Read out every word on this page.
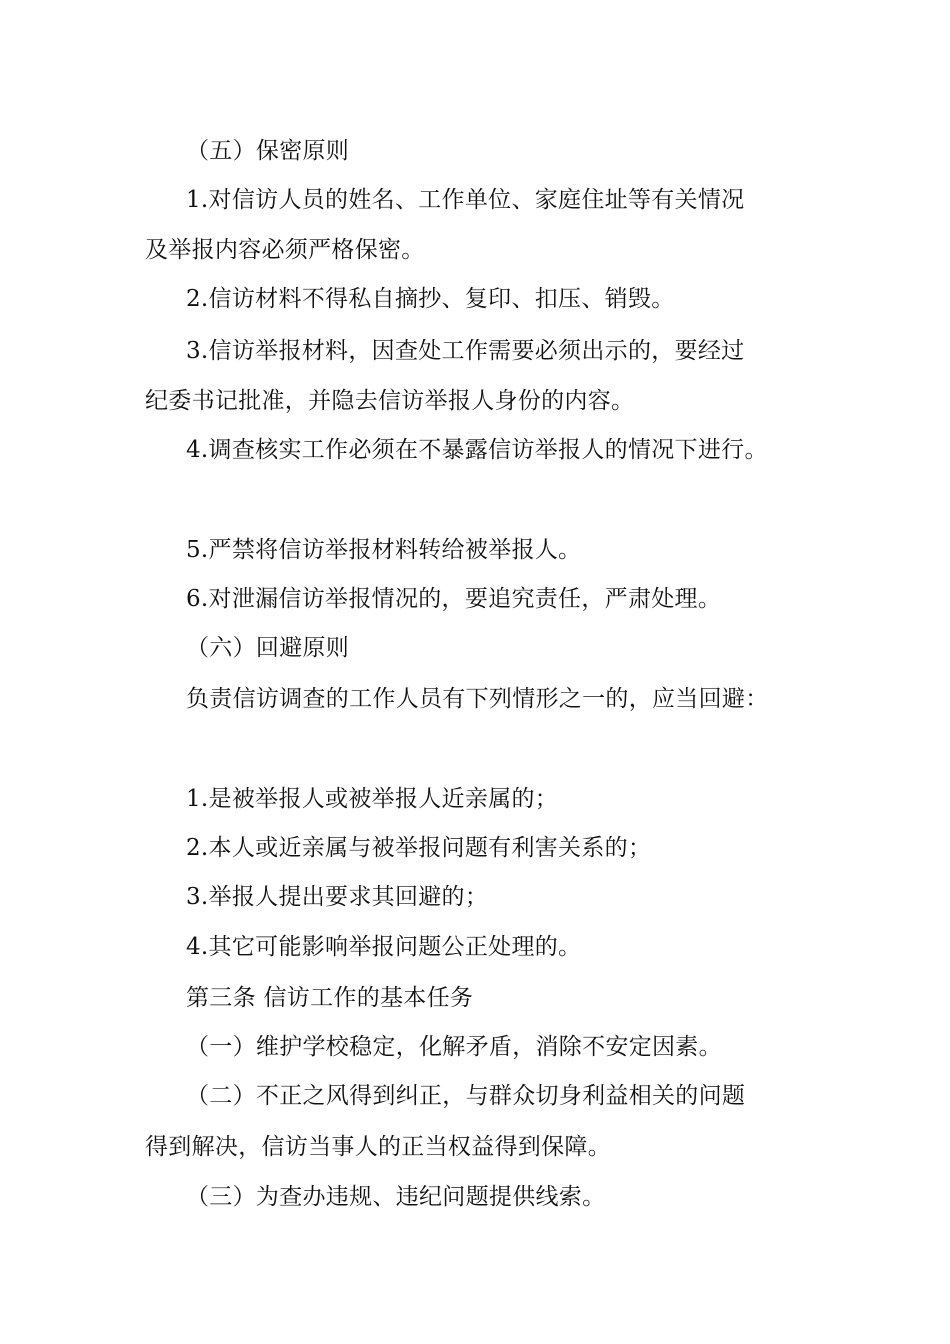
（五）保密原则

1.对信访人员的姓名、工作单位、家庭住址等有关情况

及举报内容必须严格保密。

2.信访材料不得私自摘抄、复印、扣压、销毁。

3.信访举报材料，因查处工作需要必须出示的，要经过

纪委书记批准，并隐去信访举报人身份的内容。

4.调查核实工作必须在不暴露信访举报人的情况下进行。

5.严禁将信访举报材料转给被举报人。

6.对泄漏信访举报情况的，要追究责任，严肃处理。

（六）回避原则

负责信访调查的工作人员有下列情形之一的，应当回避：

1.是被举报人或被举报人近亲属的；

2.本人或近亲属与被举报问题有利害关系的；

3.举报人提出要求其回避的；

4.其它可能影响举报问题公正处理的。

第三条 信访工作的基本任务

（一）维护学校稳定，化解矛盾，消除不安定因素。

（二）不正之风得到纠正，与群众切身利益相关的问题

得到解决，信访当事人的正当权益得到保障。

（三）为查办违规、违纪问题提供线索。
